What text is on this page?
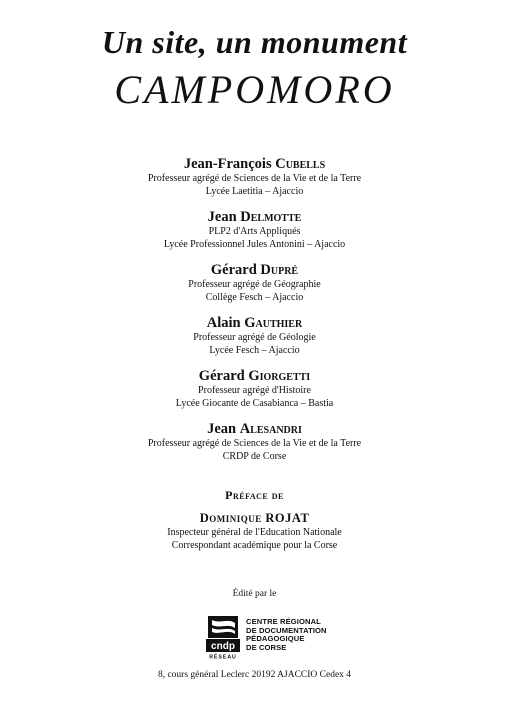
Un site, un monument
CAMPOMORO
Jean-François Cubells
Professeur agrégé de Sciences de la Vie et de la Terre
Lycée Laetitia – Ajaccio
Jean Delmotte
PLP2 d'Arts Appliqués
Lycée Professionnel Jules Antonini – Ajaccio
Gérard Dupré
Professeur agrégé de Géographie
Collège Fesch – Ajaccio
Alain Gauthier
Professeur agrégé de Géologie
Lycée Fesch – Ajaccio
Gérard Giorgetti
Professeur agrégé d'Histoire
Lycée Giocante de Casabianca – Bastia
Jean Alesandri
Professeur agrégé de Sciences de la Vie et de la Terre
CRDP de Corse
Préface de
Dominique ROJAT
Inspecteur général de l'Education Nationale
Correspondant académique pour la Corse
Édité par le
cndp
RÉSEAU
CENTRE RÉGIONAL
DE DOCUMENTATION
PÉDAGOGIQUE
DE CORSE
8, cours général Leclerc 20192 AJACCIO Cedex 4
